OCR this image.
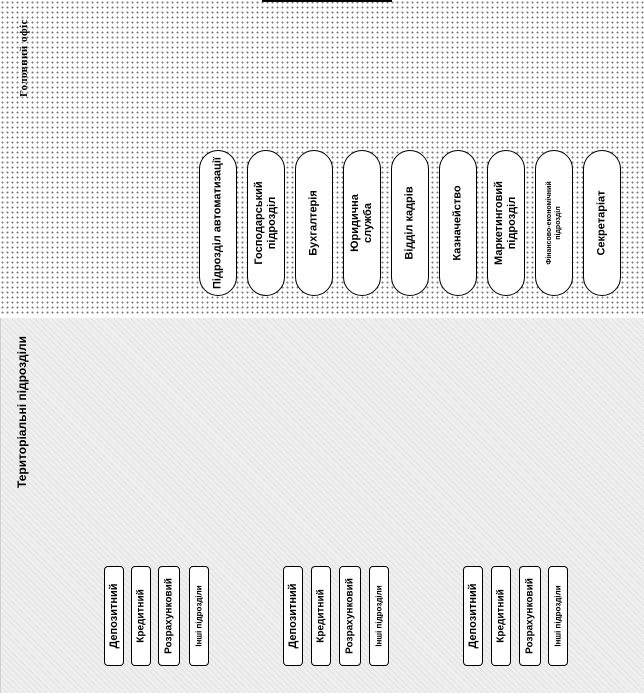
Головний офіс
Територіальні підрозділи
Підрозділ автоматизації	Господарський підрозділ	Бухгалтерія	Юридична служба	Відділ кадрів	Казначейство	Маркетинговий підрозділ	Фінансово-економічний підрозділ	Секретаріат
Депозитний Кредитний Розрахунковий	Інші підрозділи	Депозитний Кредитний Розрахунковий Інші підрозділи	Депозитний Кредитний Розрахунковий Інші підрозділи
